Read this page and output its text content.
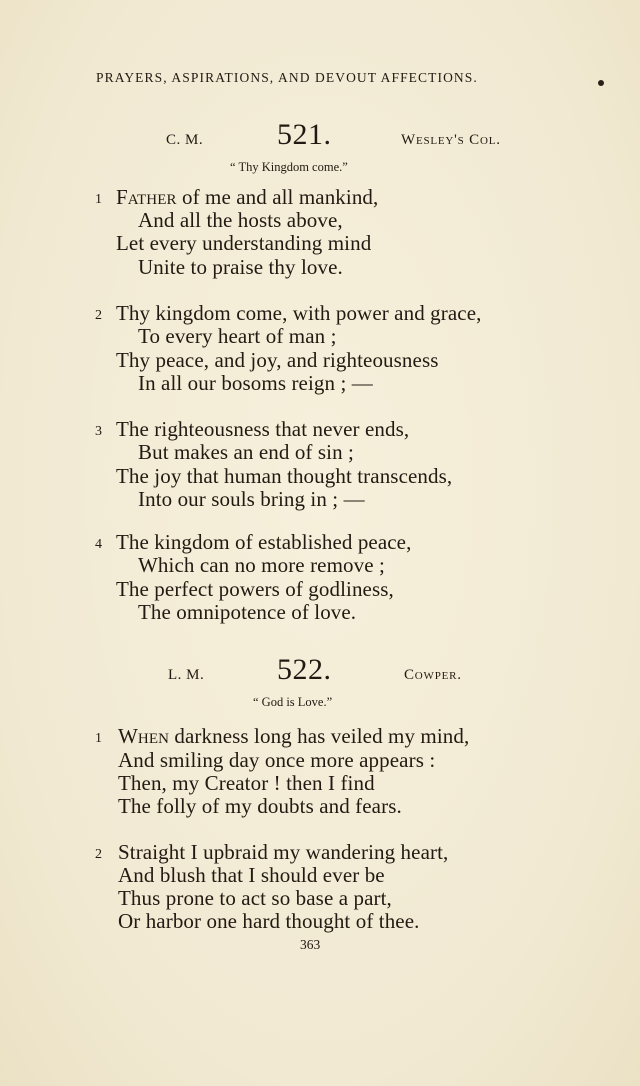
PRAYERS, ASPIRATIONS, AND DEVOUT AFFECTIONS.
C. M. 521.	Wesley's Col.
“ Thy Kingdom come.”
1 Father of me and all mankind,
And all the hosts above,
Let every understanding mind
Unite to praise thy love.
2 Thy kingdom come, with power and grace,
To every heart of man ;
Thy peace, and joy, and righteousness
In all our bosoms reign ; —
3 The righteousness that never ends,
But makes an end of sin ;
The joy that human thought transcends,
Into our souls bring in ; —
4 The kingdom of established peace,
Which can no more remove ;
The perfect powers of godliness,
The omnipotence of love.
L. M. 522.	Cowper.
“ God is Love.”
1 When darkness long has veiled my mind,
And smiling day once more appears :
Then, my Creator ! then I find
The folly of my doubts and fears.
2 Straight I upbraid my wandering heart,
And blush that I should ever be
Thus prone to act so base a part,
Or harbor one hard thought of thee.
363
